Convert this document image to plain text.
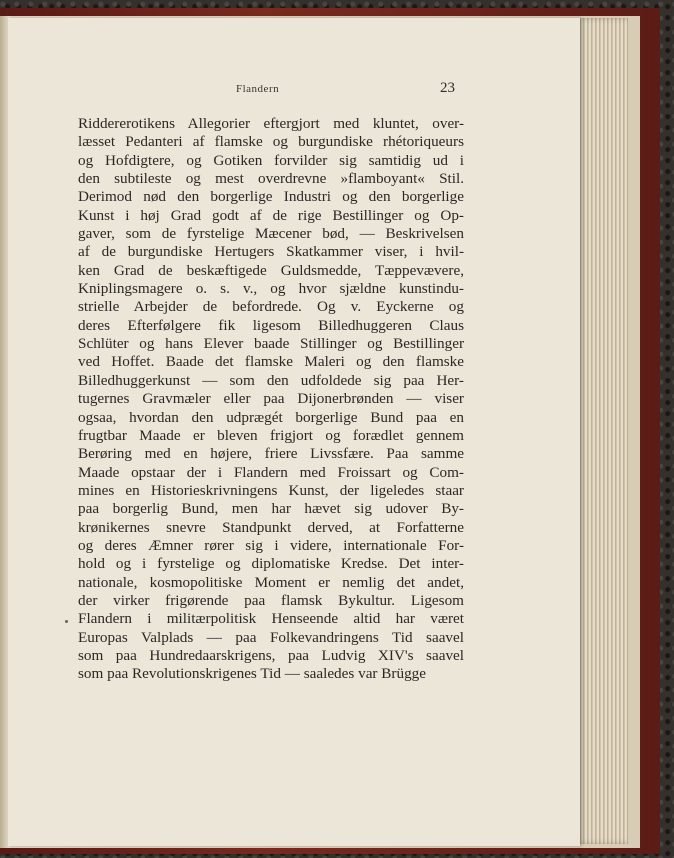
Flandern	23
Riddererotikens Allegorier eftergjort med kluntet, over-
læsset Pedanteri af flamske og burgundiske rhétoriqueurs
og Hofdigtere, og Gotiken forvilder sig samtidig ud i
den subtileste og mest overdrevne »flamboyant« Stil.
Derimod nød den borgerlige Industri og den borgerlige
Kunst i høj Grad godt af de rige Bestillinger og Op-
gaver, som de fyrstelige Mæcener bød, — Beskrivelsen
af de burgundiske Hertugers Skatkammer viser, i hvil-
ken Grad de beskæftigede Guldsmedde, Tæppevævere,
Kniplingsmagere o. s. v., og hvor sjældne kunstindu-
strielle Arbejder de befordrede. Og v. Eyckerne og
deres Efterfølgere fik ligesom Billedhuggeren Claus
Schlüter og hans Elever baade Stillinger og Bestillinger
ved Hoffet. Baade det flamske Maleri og den flamske
Billedhuggerkunst — som den udfoldede sig paa Her-
tugernes Gravmæler eller paa Dijonerbrønden — viser
ogsaa, hvordan den udprægét borgerlige Bund paa en
frugtbar Maade er bleven frigjort og forædlet gennem
Berøring med en højere, friere Livssfære. Paa samme
Maade opstaar der i Flandern med Froissart og Com-
mines en Historieskrivningens Kunst, der ligeledes staar
paa borgerlig Bund, men har hævet sig udover By-
krønikernes snevre Standpunkt derved, at Forfatterne
og deres Æmner rører sig i videre, internationale For-
hold og i fyrstelige og diplomatiske Kredse. Det inter-
nationale, kosmopolitiske Moment er nemlig det andet,
der virker frigørende paa flamsk Bykultur. Ligesom
Flandern i militærpolitisk Henseende altid har været
Europas Valplads — paa Folkevandringens Tid saavel
som paa Hundredaarskrigens, paa Ludvig XIV's saavel
som paa Revolutionskrigenes Tid — saaledes var Brügge
